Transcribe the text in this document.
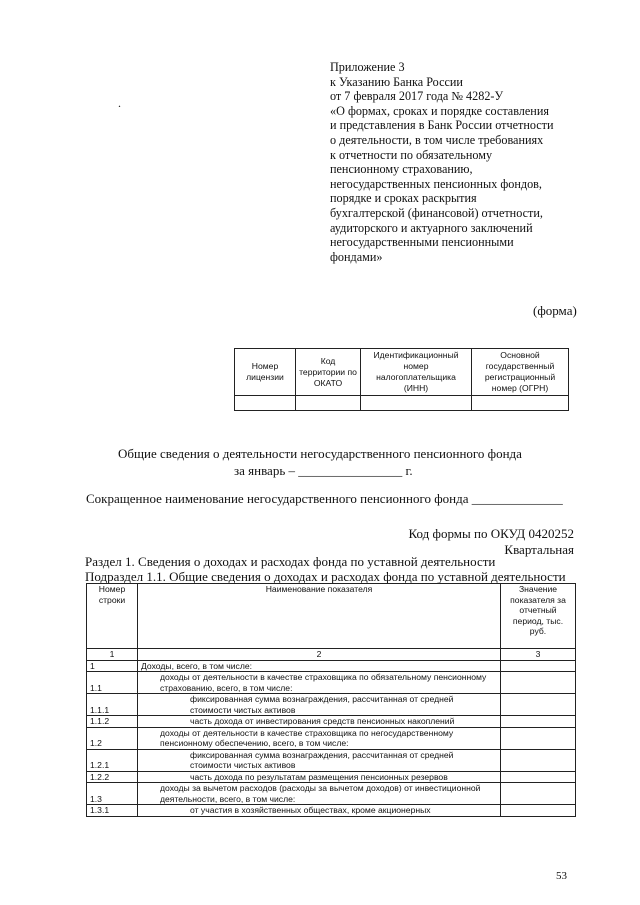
Приложение 3
к Указанию Банка России
от 7 февраля 2017 года № 4282-У
«О формах, сроках и порядке составления
и представления в Банк России отчетности
о деятельности, в том числе требованиях
к отчетности по обязательному
пенсионному страхованию,
негосударственных пенсионных фондов,
порядке и сроках раскрытия
бухгалтерской (финансовой) отчетности,
аудиторского и актуарного заключений
негосударственными пенсионными
фондами»
.
(форма)
Номер лицензии	Код территории по ОКАТО	Идентификационный номер налогоплательщика (ИНН)	Основной государственный регистрационный номер (ОГРН)

Общие сведения о деятельности негосударственного пенсионного фонда
за январь – ________________ г.
Сокращенное наименование негосударственного пенсионного фонда ______________
Код формы по ОКУД 0420252
Квартальная
Раздел 1. Сведения о доходах и расходах фонда по уставной деятельности
Подраздел 1.1. Общие сведения о доходах и расходах фонда по уставной деятельности
Номер строки	Наименование показателя	Значение показателя за отчетный период, тыс. руб.
1	2	3
1	Доходы, всего, в том числе:	
1.1	доходы от деятельности в качестве страховщика по обязательному пенсионному страхованию, всего, в том числе:	
1.1.1	фиксированная сумма вознаграждения, рассчитанная от средней стоимости чистых активов	
1.1.2	часть дохода от инвестирования средств пенсионных накоплений	
1.2	доходы от деятельности в качестве страховщика по негосударственному пенсионному обеспечению, всего, в том числе:	
1.2.1	фиксированная сумма вознаграждения, рассчитанная от средней стоимости чистых активов	
1.2.2	часть дохода по результатам размещения пенсионных резервов	
1.3	доходы за вычетом расходов (расходы за вычетом доходов) от инвестиционной деятельности, всего, в том числе:	
1.3.1	от участия в хозяйственных обществах, кроме акционерных	
53
